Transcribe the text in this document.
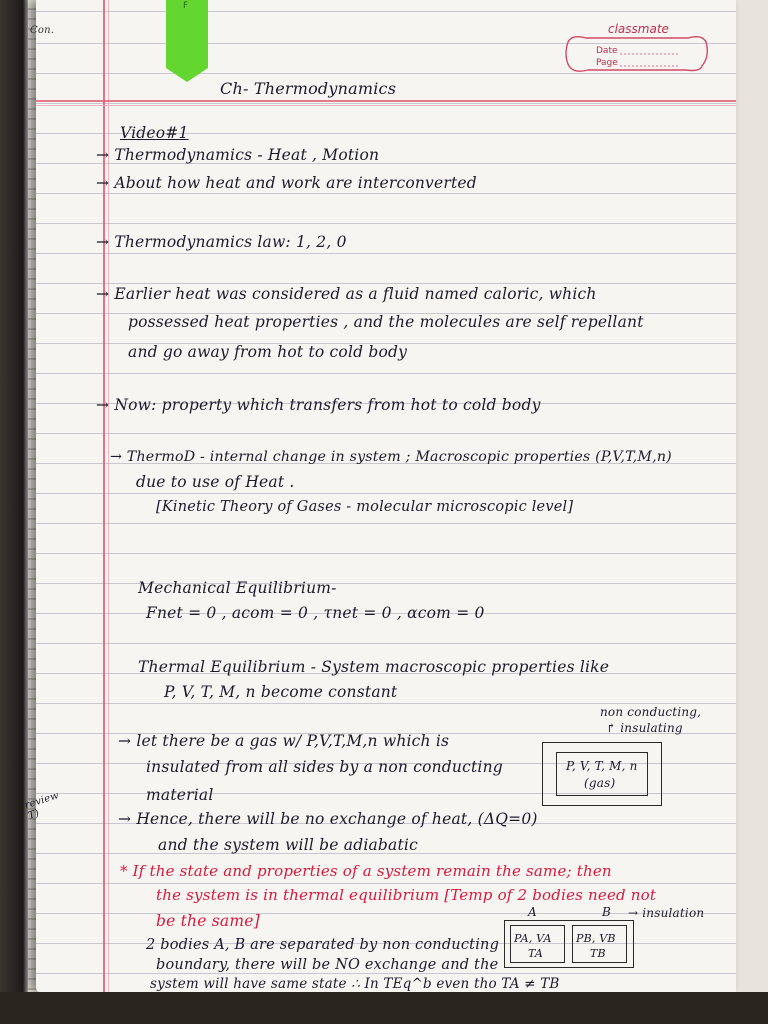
Con.
F
classmate
Date
Page
Ch- Thermodynamics
Video#1
→ Thermodynamics - Heat , Motion
→ About how heat and work are interconverted
→ Thermodynamics law: 1, 2, 0
→ Earlier heat was considered as a fluid named caloric, which
possessed heat properties , and the molecules are self repellant
and go away from hot to cold body
→ Now: property which transfers from hot to cold body
→ ThermoD - internal change in system ; Macroscopic properties (P,V,T,M,n)
due to use of Heat .
[Kinetic Theory of Gases - molecular microscopic level]
Mechanical Equilibrium-
Fnet = 0 , acom = 0 , τnet = 0 , αcom = 0
Thermal Equilibrium - System macroscopic properties like
P, V, T, M, n become constant
non conducting,
↱ insulating
→ let there be a gas w/ P,V,T,M,n which is
insulated from all sides by a non conducting
material
P, V, T, M, n
(gas)
review
T)	→ Hence, there will be no exchange of heat, (ΔQ=0)
and the system will be adiabatic
* If the state and properties of a system remain the same; then
the system is in thermal equilibrium [Temp of 2 bodies need not
be the same]	A	B → insulation
PA, VA
TA
PB, VB
TB
2 bodies A, B are separated by non conducting
boundary, there will be NO exchange and the
system will have same state ∴ In TEq^b even tho TA ≠ TB
